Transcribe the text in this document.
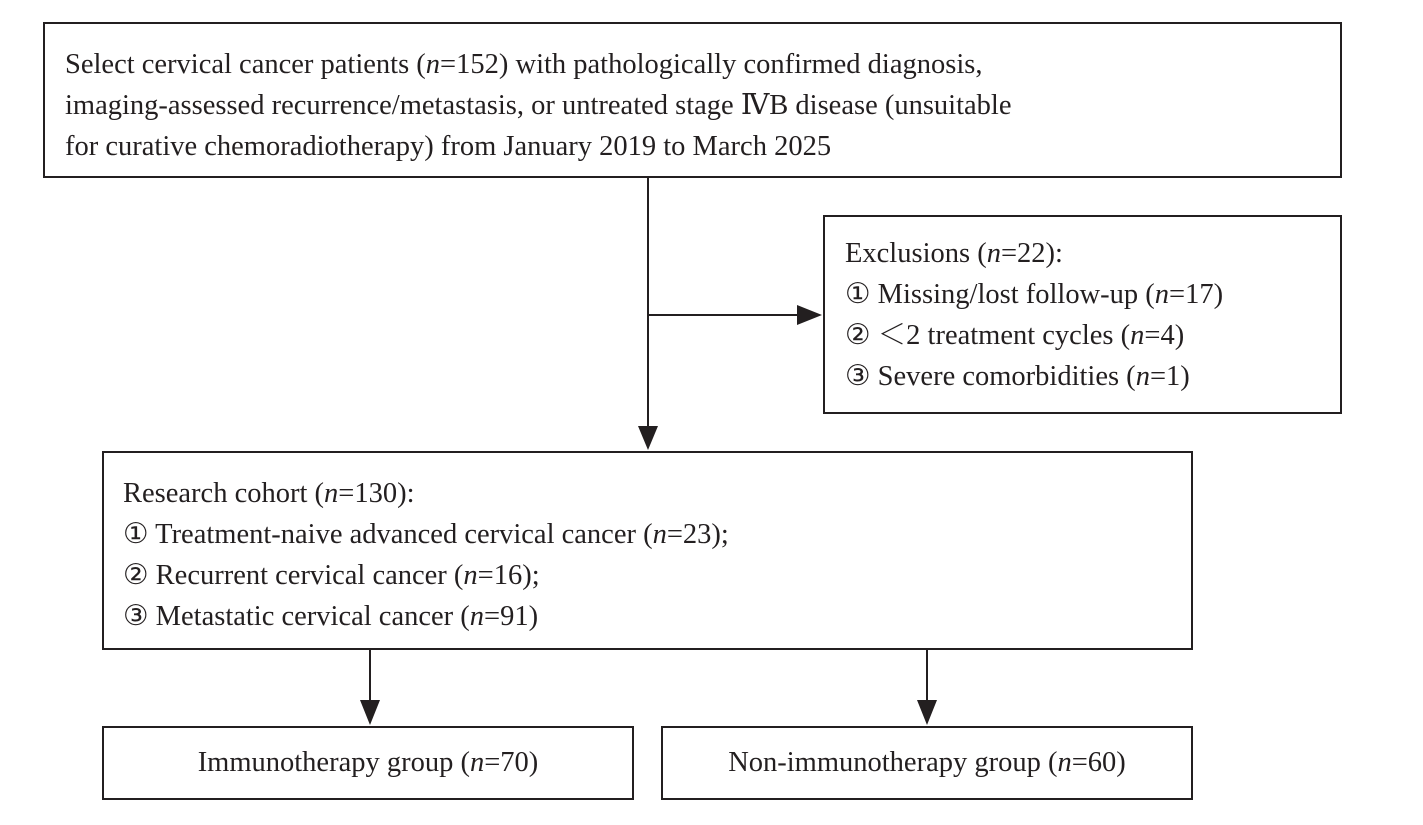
Select cervical cancer patients (n=152) with pathologically confirmed diagnosis,
imaging-assessed recurrence/metastasis, or untreated stage ⅣB disease (unsuitable
for curative chemoradiotherapy) from January 2019 to March 2025
Exclusions (n=22):
① Missing/lost follow-up (n=17)
② ＜2 treatment cycles (n=4)
③ Severe comorbidities (n=1)
Research cohort (n=130):
① Treatment-naive advanced cervical cancer (n=23);
② Recurrent cervical cancer (n=16);
③ Metastatic cervical cancer (n=91)
Immunotherapy group (n=70)	Non-immunotherapy group (n=60)
